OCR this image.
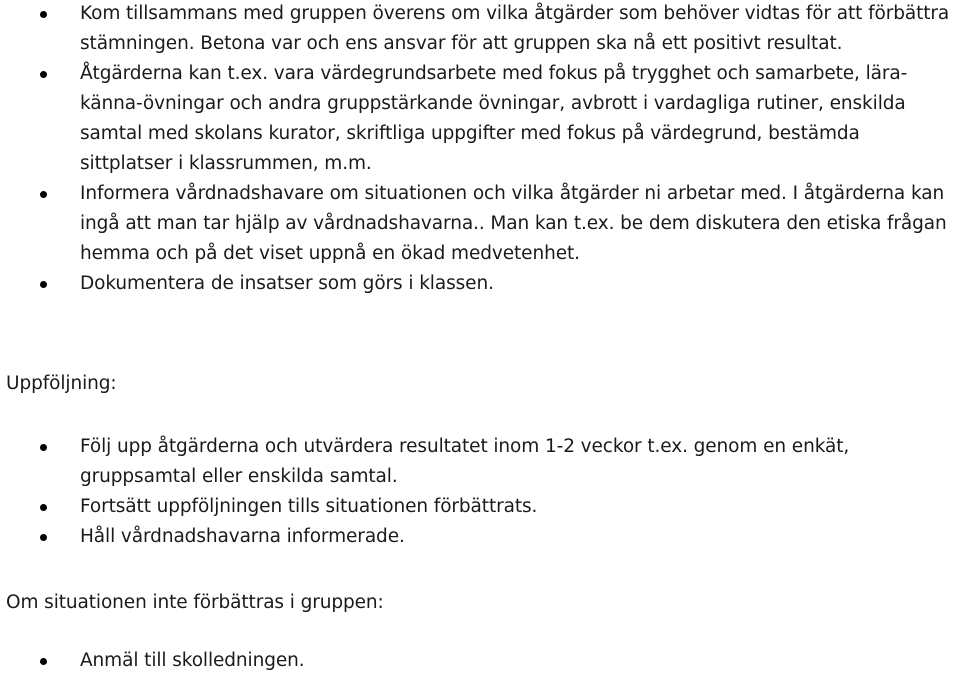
Kom tillsammans med gruppen överens om vilka åtgärder som behöver vidtas för att förbättra stämningen. Betona var och ens ansvar för att gruppen ska nå ett positivt resultat.
Åtgärderna kan t.ex. vara värdegrundsarbete med fokus på trygghet och samarbete, lära-känna-övningar och andra gruppstärkande övningar, avbrott i vardagliga rutiner, enskilda samtal med skolans kurator, skriftliga uppgifter med fokus på värdegrund, bestämda sittplatser i klassrummen, m.m.
Informera vårdnadshavare om situationen och vilka åtgärder ni arbetar med. I åtgärderna kan ingå att man tar hjälp av vårdnadshavarna.. Man kan t.ex. be dem diskutera den etiska frågan hemma och på det viset uppnå en ökad medvetenhet.
Dokumentera de insatser som görs i klassen.

Uppföljning:

Följ upp åtgärderna och utvärdera resultatet inom 1-2 veckor t.ex. genom en enkät, gruppsamtal eller enskilda samtal.
Fortsätt uppföljningen tills situationen förbättrats.
Håll vårdnadshavarna informerade.

Om situationen inte förbättras i gruppen:

Anmäl till skolledningen.
